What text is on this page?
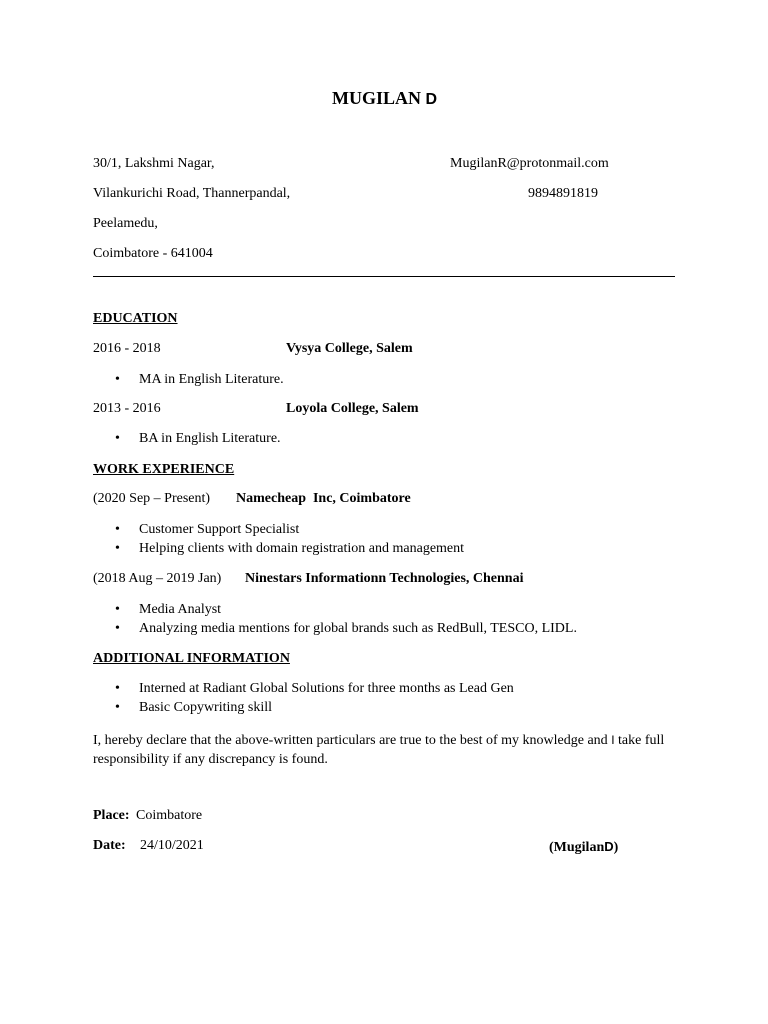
MUGILAN D
30/1, Lakshmi Nagar,	MugilanR@protonmail.com
Vilankurichi Road, Thannerpandal,	9894891819
Peelamedu,
Coimbatore - 641004
EDUCATION
2016 - 2018	Vysya College, Salem
• MA in English Literature.
2013 - 2016	Loyola College, Salem
• BA in English Literature.
WORK EXPERIENCE
(2020 Sep – Present) Namecheap  Inc, Coimbatore
• Customer Support Specialist
• Helping clients with domain registration and management
(2018 Aug – 2019 Jan) Ninestars Informationn Technologies, Chennai
• Media Analyst
• Analyzing media mentions for global brands such as RedBull, TESCO, LIDL.
ADDITIONAL INFORMATION
• Interned at Radiant Global Solutions for three months as Lead Gen
• Basic Copywriting skill
I, hereby declare that the above-written particulars are true to the best of my knowledge and I take full responsibility if any discrepancy is found.
Place: Coimbatore
Date: 24/10/2021	(MugilanD)
